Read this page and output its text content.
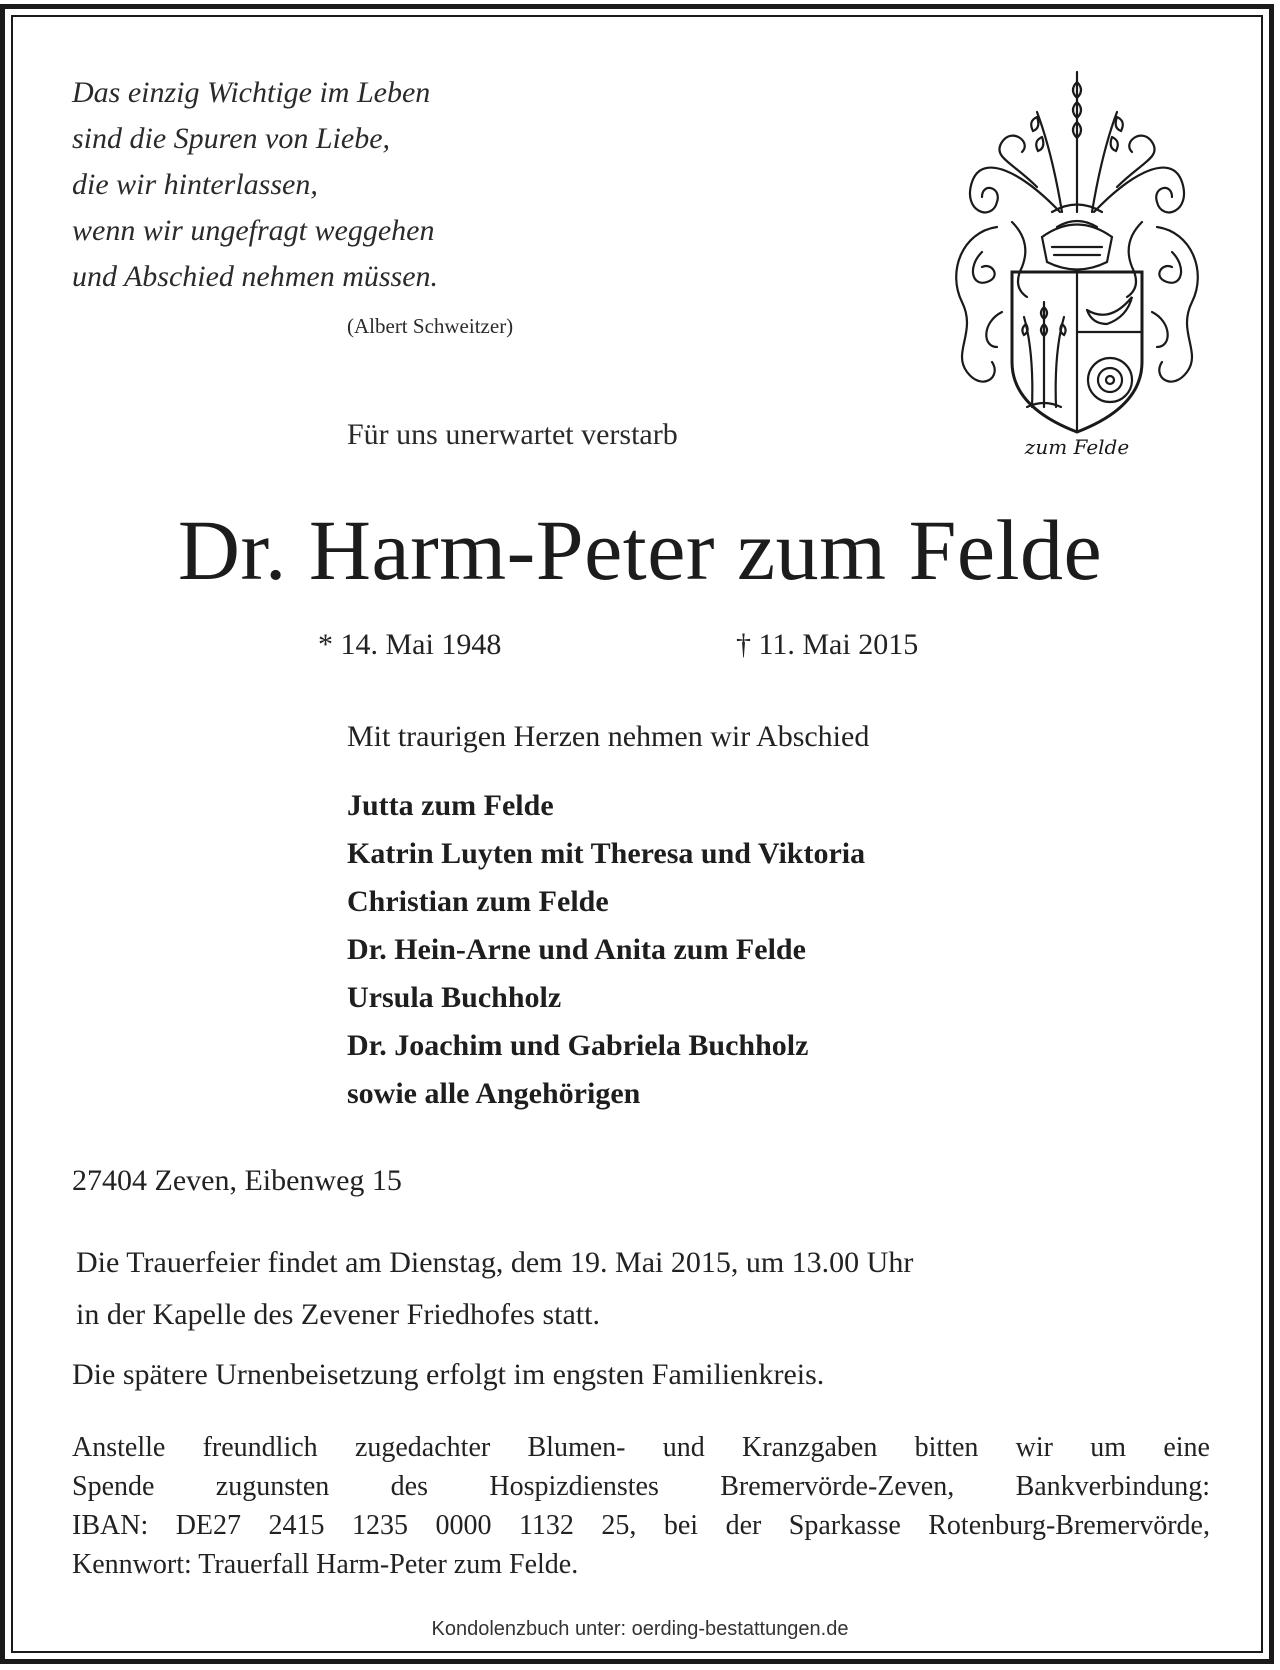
Das einzig Wichtige im Leben
sind die Spuren von Liebe,
die wir hinterlassen,
wenn wir ungefragt weggehen
und Abschied nehmen müssen.
(Albert Schweitzer)
zum Felde
Für uns unerwartet verstarb
Dr. Harm-Peter zum Felde
* 14. Mai 1948	† 11. Mai 2015
Mit traurigen Herzen nehmen wir Abschied
Jutta zum Felde
Katrin Luyten mit Theresa und Viktoria
Christian zum Felde
Dr. Hein-Arne und Anita zum Felde
Ursula Buchholz
Dr. Joachim und Gabriela Buchholz
sowie alle Angehörigen
27404 Zeven, Eibenweg 15
Die Trauerfeier findet am Dienstag, dem 19. Mai 2015, um 13.00 Uhr
in der Kapelle des Zevener Friedhofes statt.
Die spätere Urnenbeisetzung erfolgt im engsten Familienkreis.
Anstelle freundlich zugedachter Blumen- und Kranzgaben bitten wir um eine
Spende zugunsten des Hospizdienstes Bremervörde-Zeven, Bankverbindung:
IBAN: DE27 2415 1235 0000 1132 25, bei der Sparkasse Rotenburg-Bremervörde,
Kennwort: Trauerfall Harm-Peter zum Felde.
Kondolenzbuch unter: oerding-bestattungen.de
